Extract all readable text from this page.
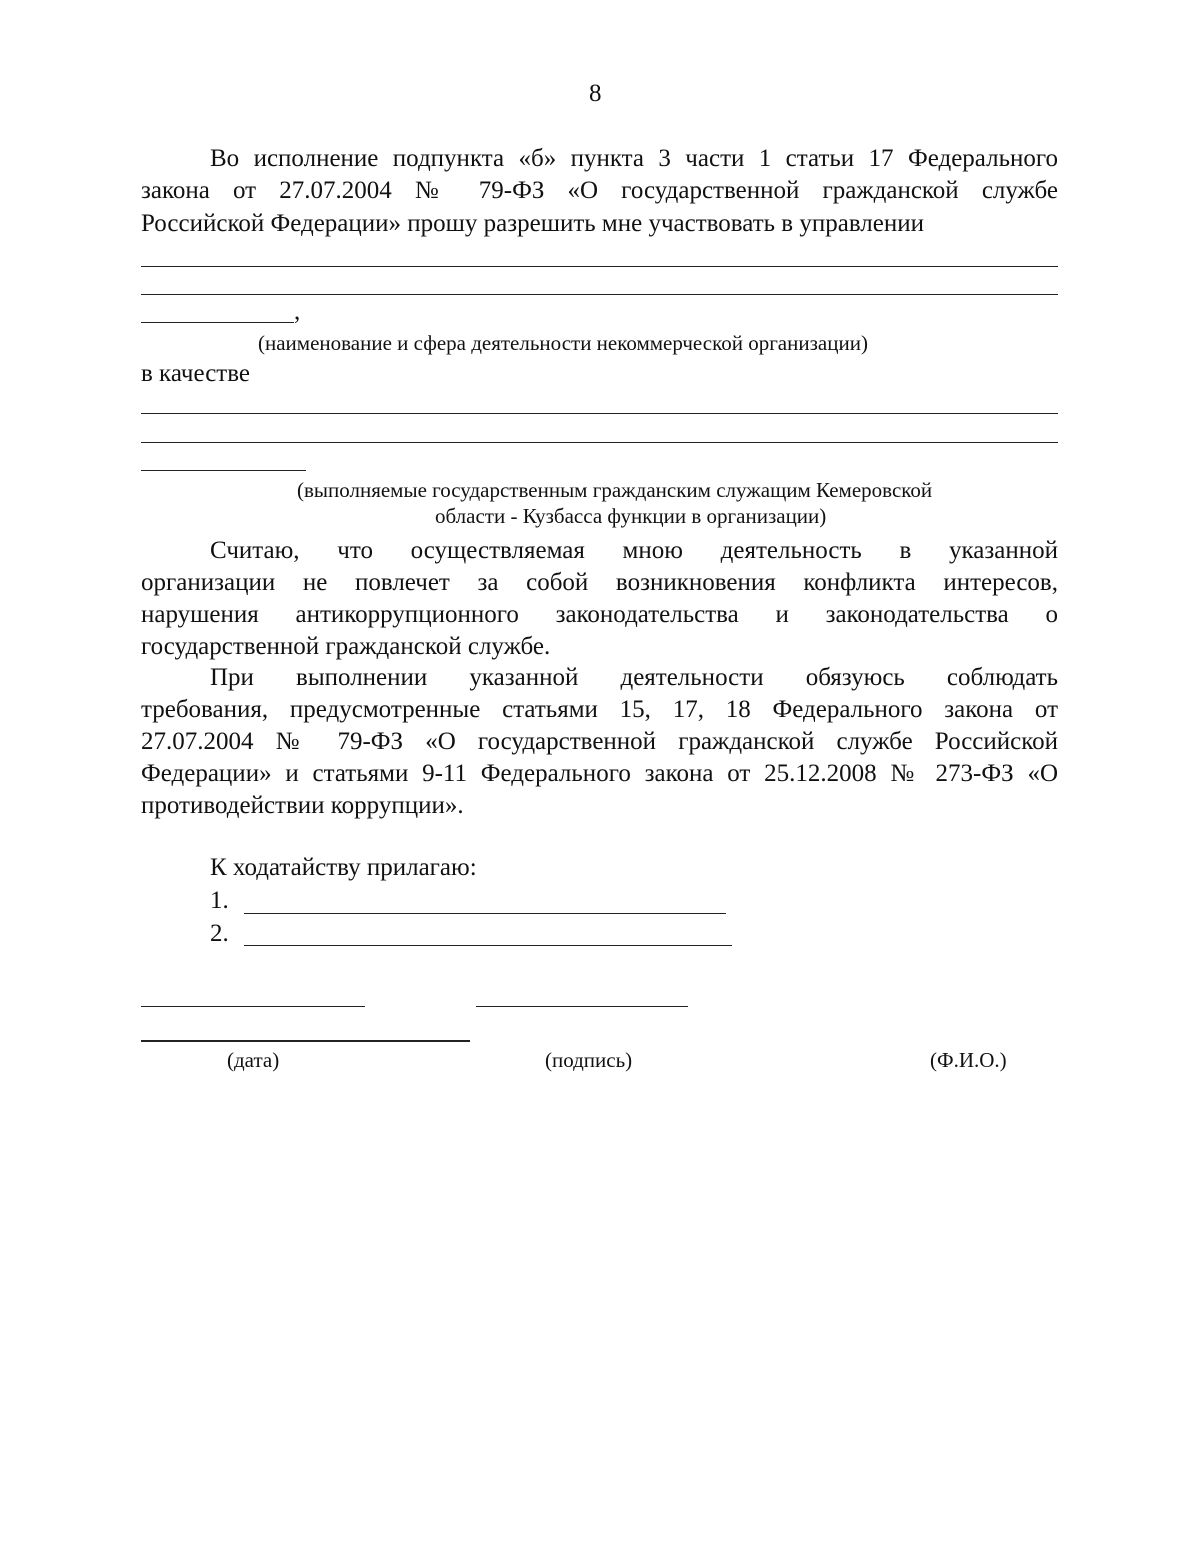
8
Во исполнение подпункта «б» пункта 3 части 1 статьи 17 Федерального
закона от 27.07.2004 № 79-ФЗ «О государственной гражданской службе
Российской Федерации» прошу разрешить мне участвовать в управлении
,
(наименование и сфера деятельности некоммерческой организации)
в качестве
(выполняемые государственным гражданским служащим Кемеровской
области - Кузбасса функции в организации)
Считаю, что осуществляемая мною деятельность в указанной
организации не повлечет за собой возникновения конфликта интересов,
нарушения антикоррупционного законодательства и законодательства о
государственной гражданской службе.
При выполнении указанной деятельности обязуюсь соблюдать
требования, предусмотренные статьями 15, 17, 18 Федерального закона от
27.07.2004 № 79-ФЗ «О государственной гражданской службе Российской
Федерации» и статьями 9-11 Федерального закона от 25.12.2008 № 273-ФЗ «О
противодействии коррупции».
К ходатайству прилагаю:
1.
2.
(дата)	(подпись)	(Ф.И.О.)
